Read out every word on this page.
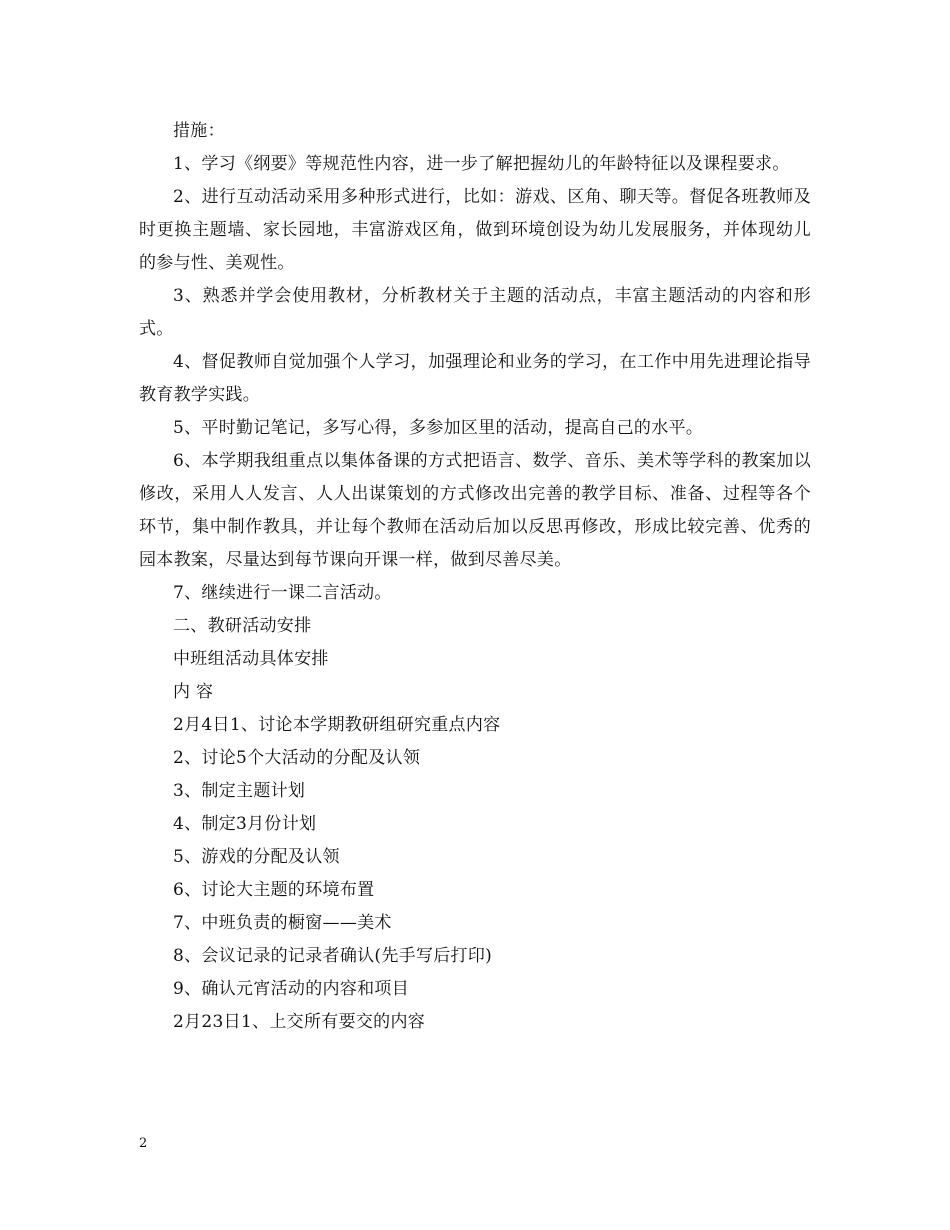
措施：

1、学习《纲要》等规范性内容，进一步了解把握幼儿的年龄特征以及课程要求。

2、进行互动活动采用多种形式进行，比如：游戏、区角、聊天等。督促各班教师及时更换主题墙、家长园地，丰富游戏区角，做到环境创设为幼儿发展服务，并体现幼儿的参与性、美观性。

3、熟悉并学会使用教材，分析教材关于主题的活动点，丰富主题活动的内容和形式。

4、督促教师自觉加强个人学习，加强理论和业务的学习，在工作中用先进理论指导教育教学实践。

5、平时勤记笔记，多写心得，多参加区里的活动，提高自己的水平。

6、本学期我组重点以集体备课的方式把语言、数学、音乐、美术等学科的教案加以修改，采用人人发言、人人出谋策划的方式修改出完善的教学目标、准备、过程等各个环节，集中制作教具，并让每个教师在活动后加以反思再修改，形成比较完善、优秀的园本教案，尽量达到每节课向开课一样，做到尽善尽美。

7、继续进行一课二言活动。

二、教研活动安排

中班组活动具体安排

内 容

2月4日1、讨论本学期教研组研究重点内容

2、讨论5个大活动的分配及认领

3、制定主题计划

4、制定3月份计划

5、游戏的分配及认领

6、讨论大主题的环境布置

7、中班负责的橱窗——美术

8、会议记录的记录者确认(先手写后打印)

9、确认元宵活动的内容和项目

2月23日1、上交所有要交的内容

2
